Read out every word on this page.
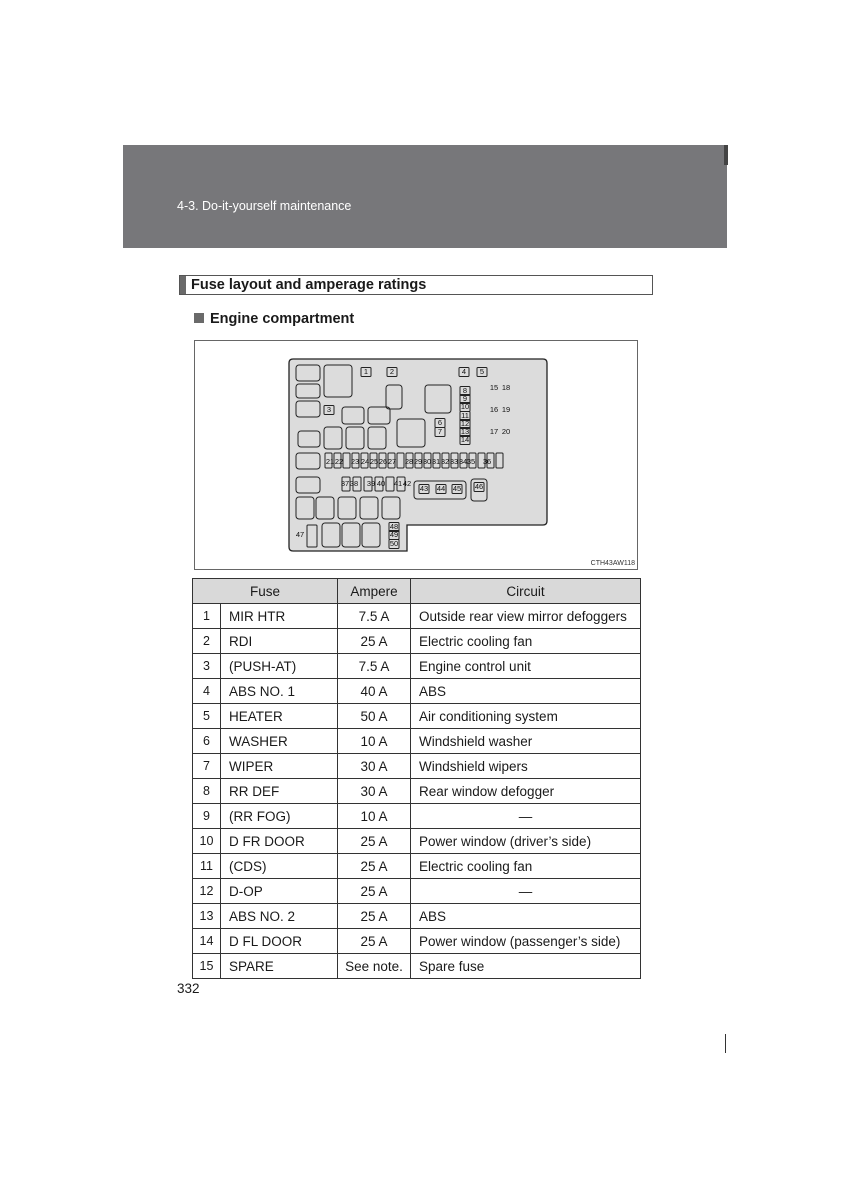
4-3. Do-it-yourself maintenance
Fuse layout and amperage ratings
Engine compartment
1	2
3
4 5
6
7
8
9
10
11
12
13
14
15
16
17
18
19
20
21 22 23 24 25 26 27 28 29 30 31 32 33 34 35 36
37 38 39 40 41 42
43 44 45 46
47
48
49
50
CTH43AW118
Fuse		Ampere	Circuit
1	MIR HTR	7.5 A	Outside rear view mirror defoggers
2	RDI	25 A	Electric cooling fan
3	(PUSH-AT)	7.5 A	Engine control unit
4	ABS NO. 1	40 A	ABS
5	HEATER	50 A	Air conditioning system
6	WASHER	10 A	Windshield washer
7	WIPER	30 A	Windshield wipers
8	RR DEF	30 A	Rear window defogger
9	(RR FOG)	10 A	—
10	D FR DOOR	25 A	Power window (driver’s side)
11	(CDS)	25 A	Electric cooling fan
12	D-OP	25 A	—
13	ABS NO. 2	25 A	ABS
14	D FL DOOR	25 A	Power window (passenger’s side)
15	SPARE	See note.	Spare fuse
332
